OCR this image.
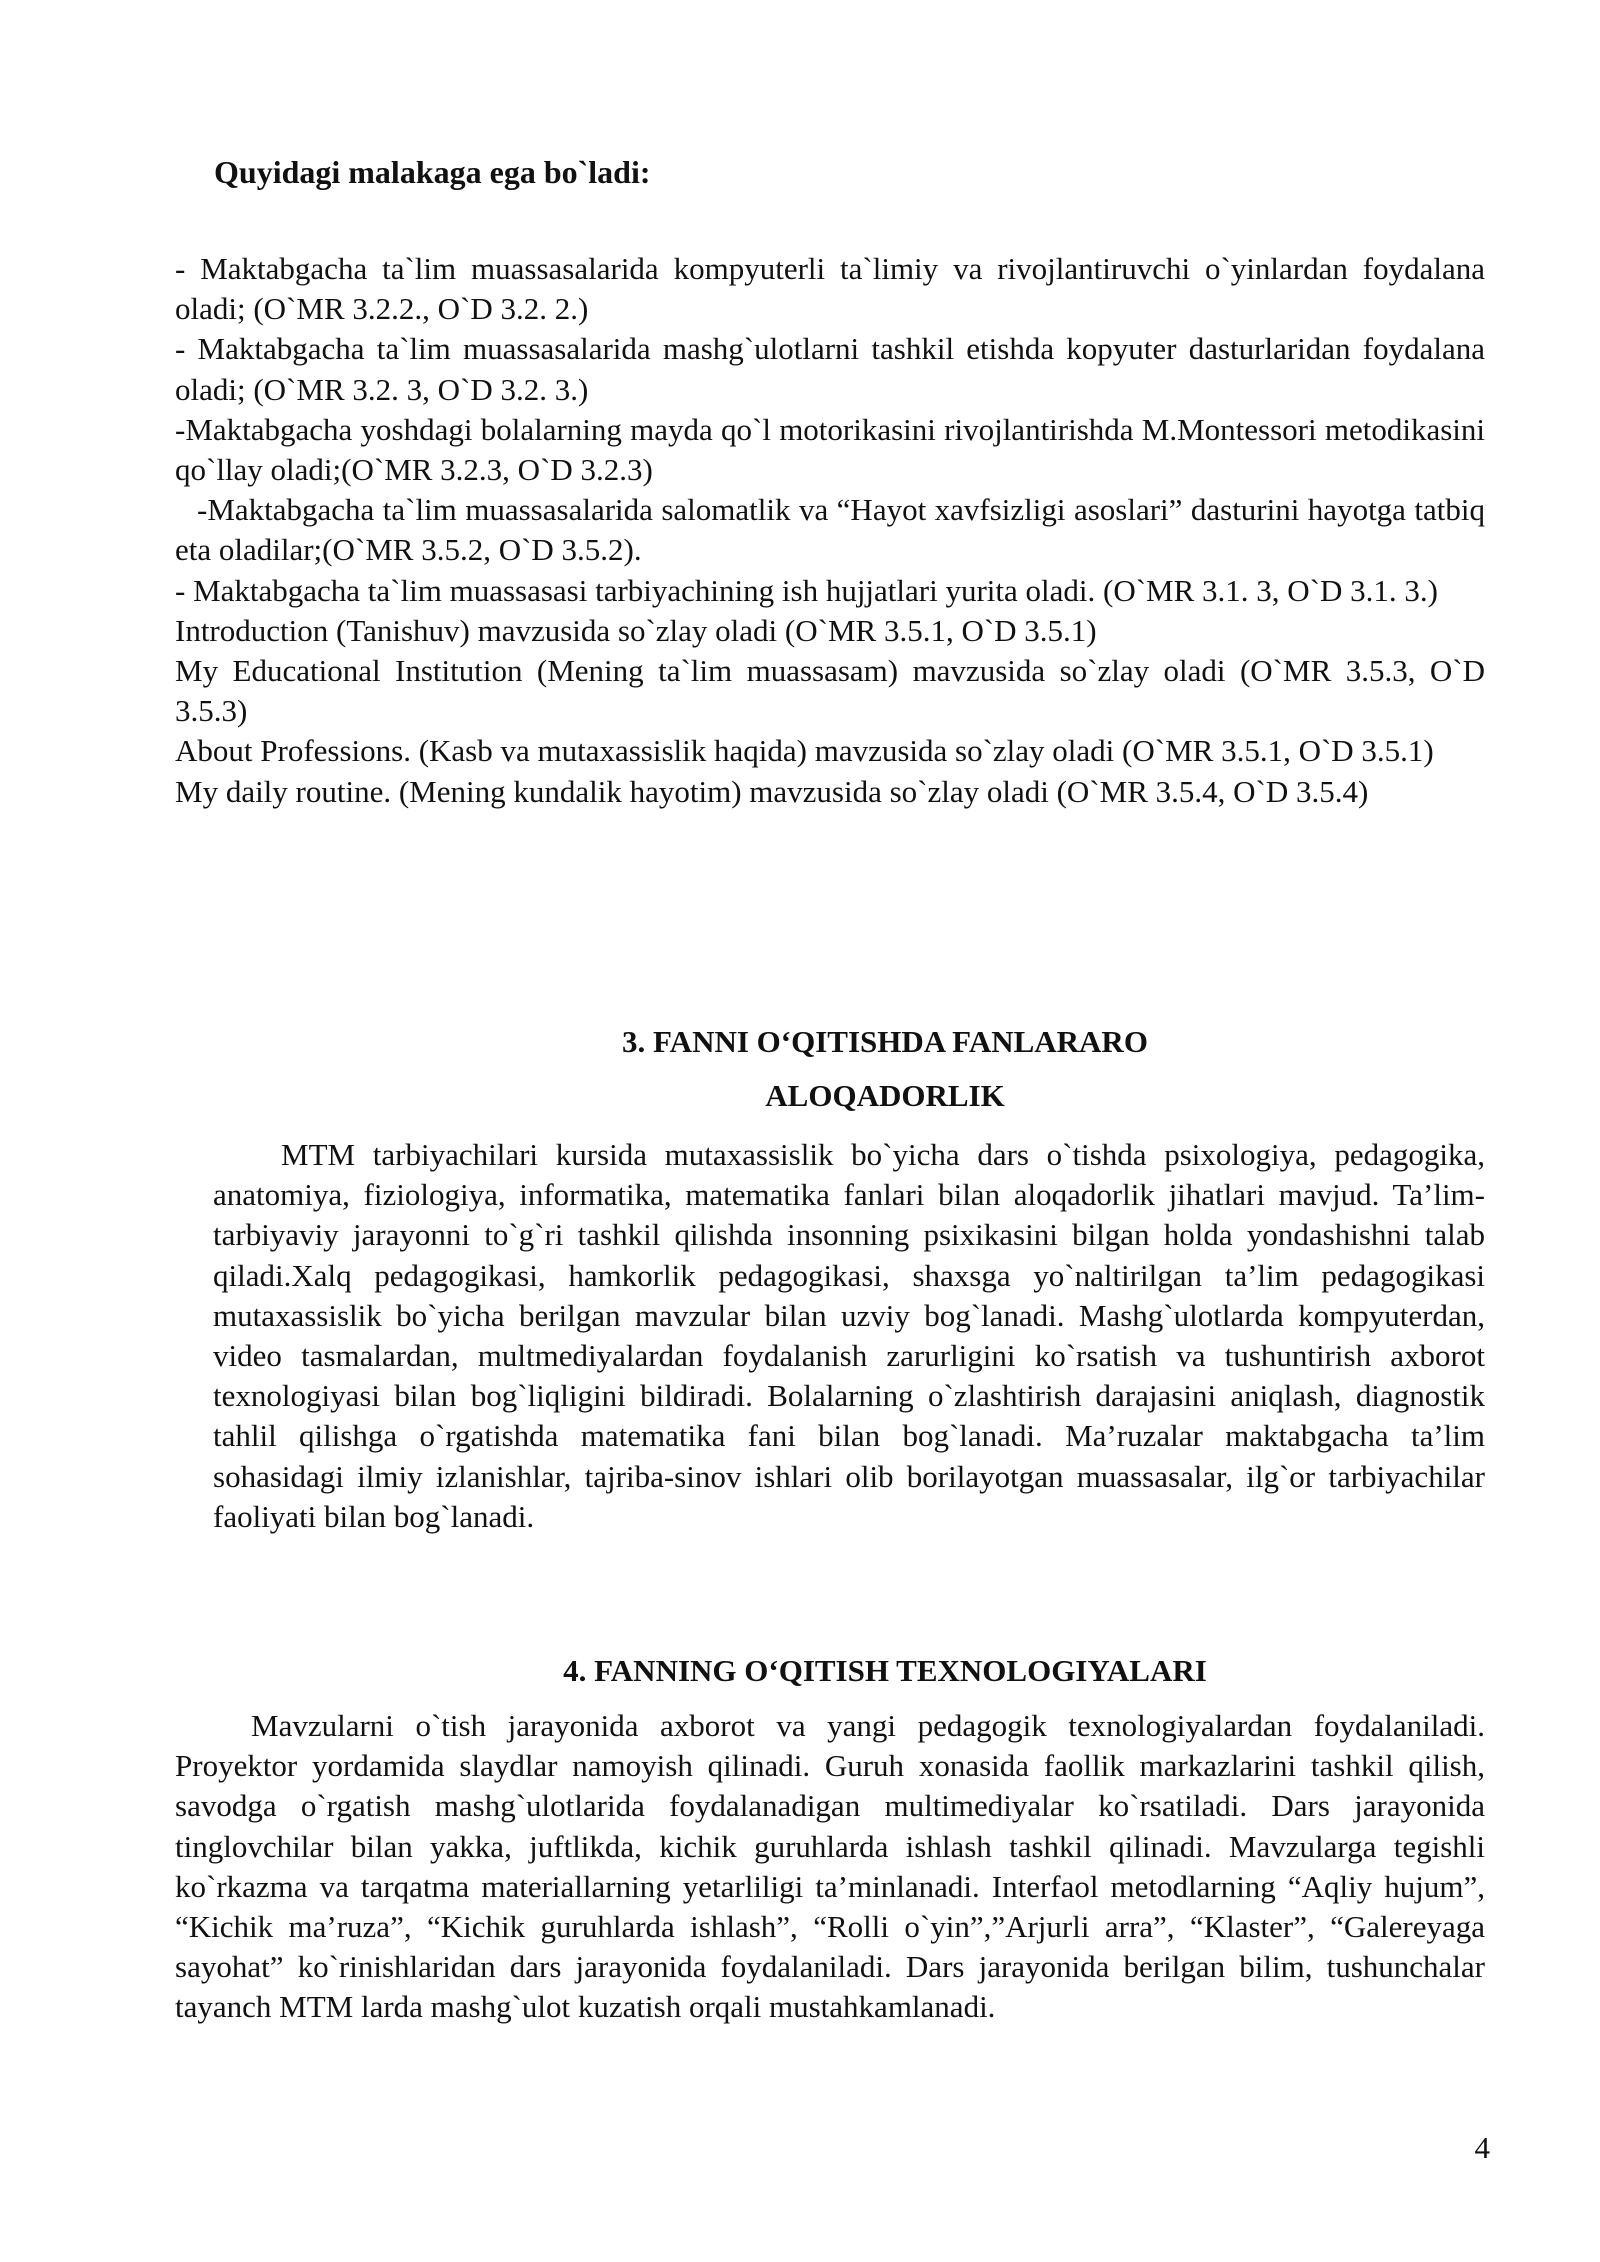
Quyidagi malakaga ega bo`ladi:

- Maktabgacha ta`lim muassasalarida kompyuterli ta`limiy va rivojlantiruvchi o`yinlardan foydalana oladi; (O`MR 3.2.2., O`D 3.2. 2.)

- Maktabgacha ta`lim muassasalarida mashg`ulotlarni tashkil etishda kopyuter dasturlaridan foydalana oladi; (O`MR 3.2. 3, O`D 3.2. 3.)

-Maktabgacha yoshdagi bolalarning mayda qo`l motorikasini rivojlantirishda M.Montessori metodikasini qo`llay oladi;(O`MR 3.2.3, O`D 3.2.3)

-Maktabgacha ta`lim muassasalarida salomatlik va “Hayot xavfsizligi asoslari” dasturini hayotga tatbiq eta oladilar;(O`MR 3.5.2, O`D 3.5.2).

- Maktabgacha ta`lim muassasasi tarbiyachining ish hujjatlari yurita oladi. (O`MR 3.1. 3, O`D 3.1. 3.)

Introduction (Tanishuv) mavzusida so`zlay oladi (O`MR 3.5.1, O`D 3.5.1)

My Educational Institution (Mening ta`lim muassasam) mavzusida so`zlay oladi (O`MR 3.5.3, O`D 3.5.3)

About Professions. (Kasb va mutaxassislik haqida) mavzusida so`zlay oladi (O`MR 3.5.1, O`D 3.5.1)

My daily routine. (Mening kundalik hayotim) mavzusida so`zlay oladi (O`MR 3.5.4, O`D 3.5.4)

3. FANNI O‘QITISHDA FANLARARO
ALOQADORLIK

MTM tarbiyachilari kursida mutaxassislik bo`yicha dars o`tishda psixologiya, pedagogika, anatomiya, fiziologiya, informatika, matematika fanlari bilan aloqadorlik jihatlari mavjud. Ta’lim-tarbiyaviy jarayonni to`g`ri tashkil qilishda insonning psixikasini bilgan holda yondashishni talab qiladi.Xalq pedagogikasi, hamkorlik pedagogikasi, shaxsga yo`naltirilgan ta’lim pedagogikasi mutaxassislik bo`yicha berilgan mavzular bilan uzviy bog`lanadi. Mashg`ulotlarda kompyuterdan, video tasmalardan, multmediyalardan foydalanish zarurligini ko`rsatish va tushuntirish axborot texnologiyasi bilan bog`liqligini bildiradi. Bolalarning o`zlashtirish darajasini aniqlash, diagnostik tahlil qilishga o`rgatishda matematika fani bilan bog`lanadi. Ma’ruzalar maktabgacha ta’lim sohasidagi ilmiy izlanishlar, tajriba-sinov ishlari olib borilayotgan muassasalar, ilg`or tarbiyachilar faoliyati bilan bog`lanadi.

4. FANNING O‘QITISH TEXNOLOGIYALARI

Mavzularni o`tish jarayonida axborot va yangi pedagogik texnologiyalardan foydalaniladi. Proyektor yordamida slaydlar namoyish qilinadi. Guruh xonasida faollik markazlarini tashkil qilish, savodga o`rgatish mashg`ulotlarida foydalanadigan multimediyalar ko`rsatiladi. Dars jarayonida tinglovchilar bilan yakka, juftlikda, kichik guruhlarda ishlash tashkil qilinadi. Mavzularga tegishli ko`rkazma va tarqatma materiallarning yetarliligi ta’minlanadi. Interfaol metodlarning “Aqliy hujum”, “Kichik ma’ruza”, “Kichik guruhlarda ishlash”, “Rolli o`yin”,”Arjurli arra”, “Klaster”, “Galereyaga sayohat” ko`rinishlaridan dars jarayonida foydalaniladi. Dars jarayonida berilgan bilim, tushunchalar tayanch MTM larda mashg`ulot kuzatish orqali mustahkamlanadi.

4
